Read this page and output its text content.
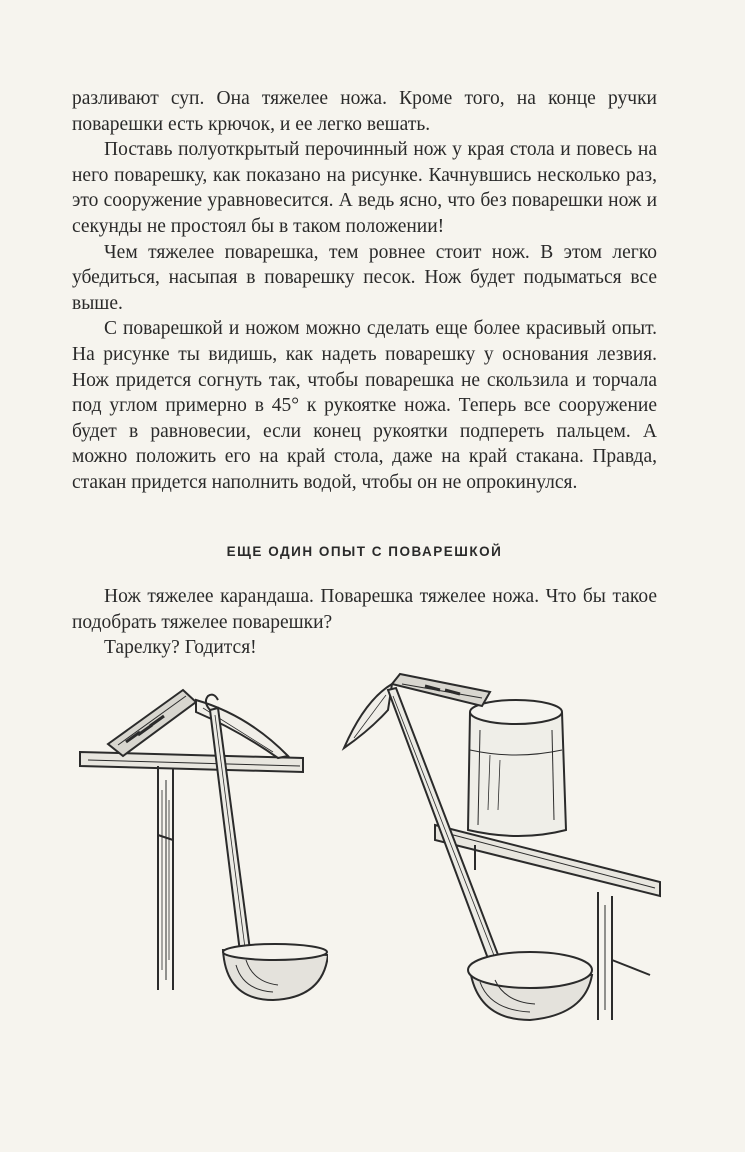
разливают суп. Она тяжелее ножа. Кроме того, на конце ручки поварешки есть крючок, и ее легко вешать.

Поставь полуоткрытый перочинный нож у края стола и повесь на него поварешку, как показано на рисунке. Качнувшись несколько раз, это сооружение уравновесится. А ведь ясно, что без поварешки нож и секунды не простоял бы в таком положении!

Чем тяжелее поварешка, тем ровнее стоит нож. В этом легко убедиться, насыпая в поварешку песок. Нож будет подыматься все выше.

С поварешкой и ножом можно сделать еще более красивый опыт. На рисунке ты видишь, как надеть поварешку у основания лезвия. Нож придется согнуть так, чтобы поварешка не скользила и торчала под углом примерно в 45° к рукоятке ножа. Теперь все сооружение будет в равновесии, если конец рукоятки подпереть пальцем. А можно положить его на край стола, даже на край стакана. Правда, стакан придется наполнить водой, чтобы он не опрокинулся.

ЕЩЕ ОДИН ОПЫТ С ПОВАРЕШКОЙ

Нож тяжелее карандаша. Поварешка тяжелее ножа. Что бы такое подобрать тяжелее поварешки?

Тарелку? Годится!
